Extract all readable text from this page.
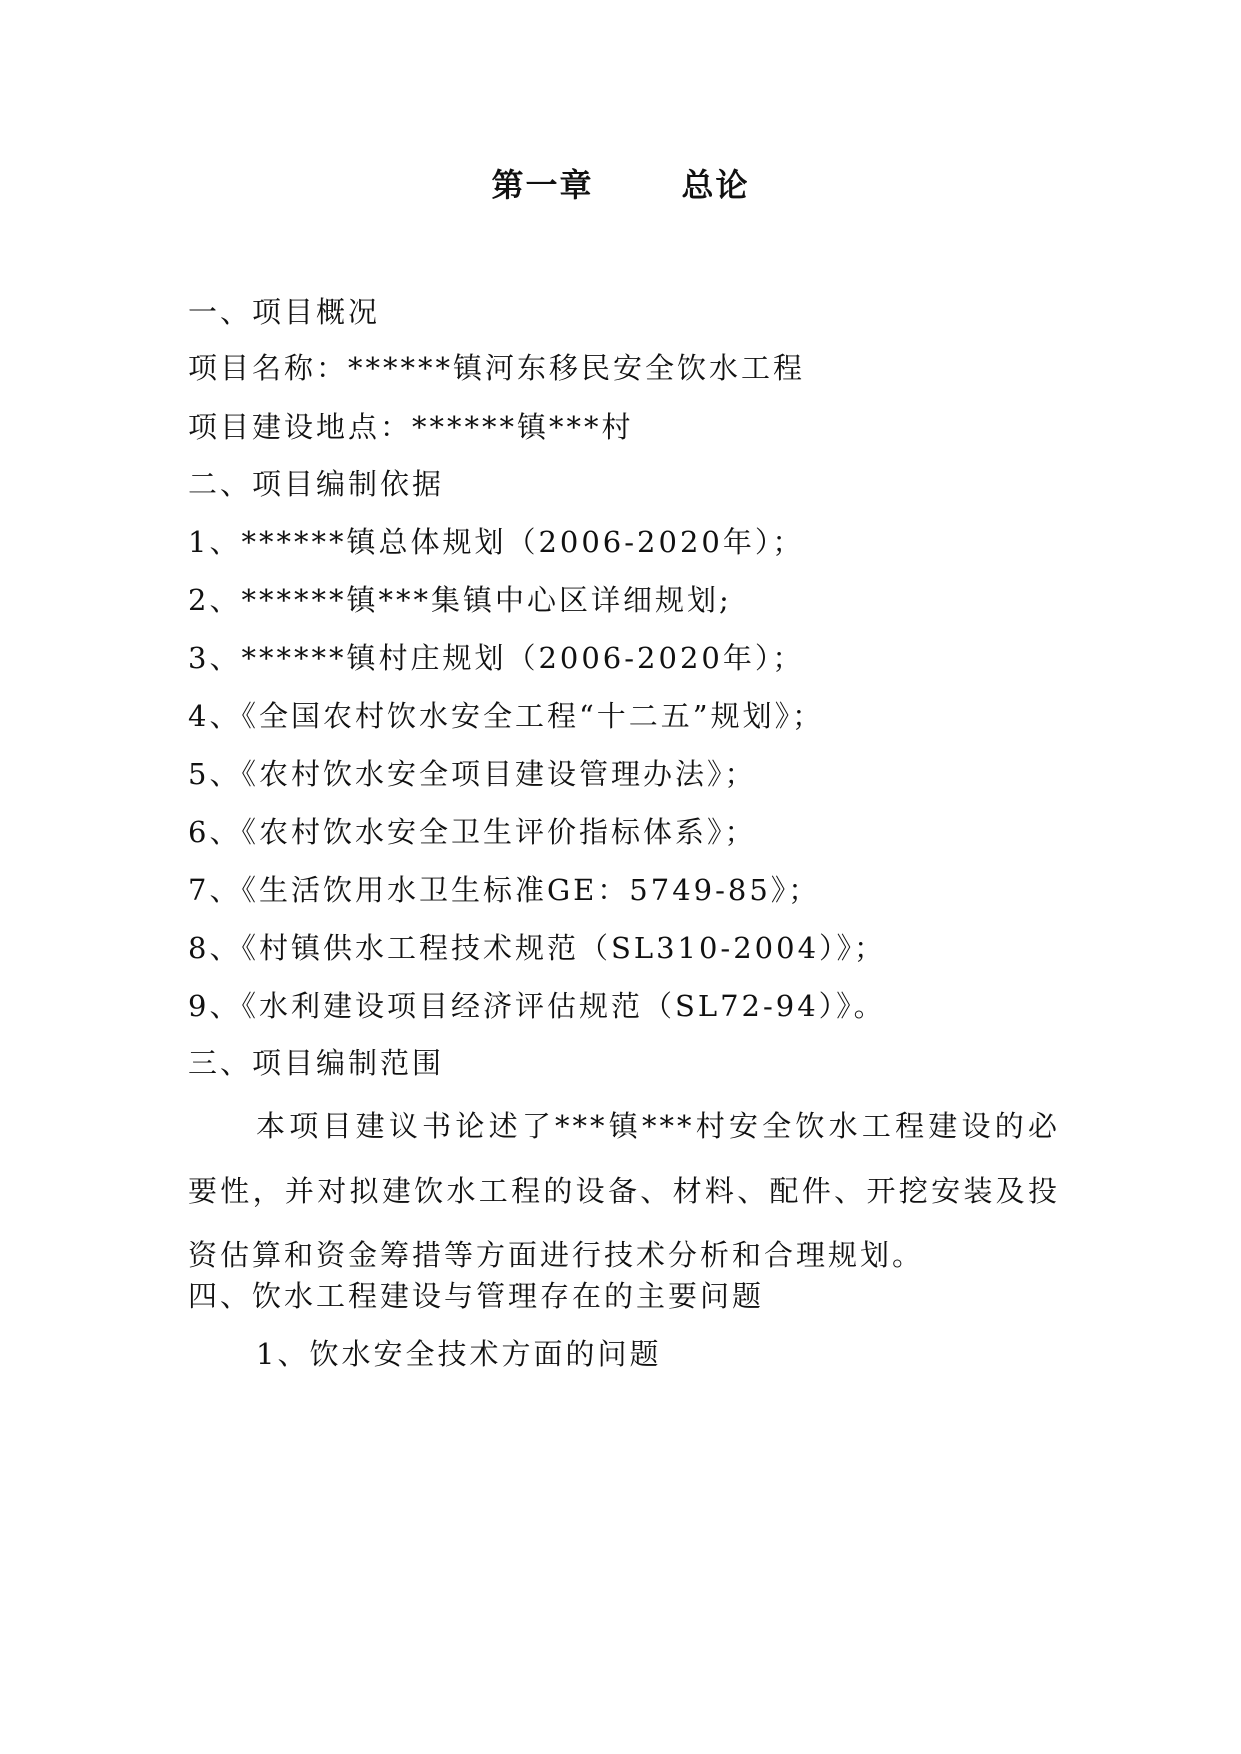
第一章	总论
一、项目概况
项目名称：******镇河东移民安全饮水工程
项目建设地点：******镇***村
二、项目编制依据
1、******镇总体规划（2006-2020年）；
2、******镇***集镇中心区详细规划;
3、******镇村庄规划（2006-2020年）；
4、《全国农村饮水安全工程“十二五”规划》；
5、《农村饮水安全项目建设管理办法》；
6、《农村饮水安全卫生评价指标体系》；
7、《生活饮用水卫生标准GE：5749-85》；
8、《村镇供水工程技术规范（SL310-2004）》；
9、《水利建设项目经济评估规范（SL72-94）》。
三、项目编制范围
本项目建议书论述了***镇***村安全饮水工程建设的必要性，并对拟建饮水工程的设备、材料、配件、开挖安装及投资估算和资金筹措等方面进行技术分析和合理规划。
四、饮水工程建设与管理存在的主要问题
1、饮水安全技术方面的问题
